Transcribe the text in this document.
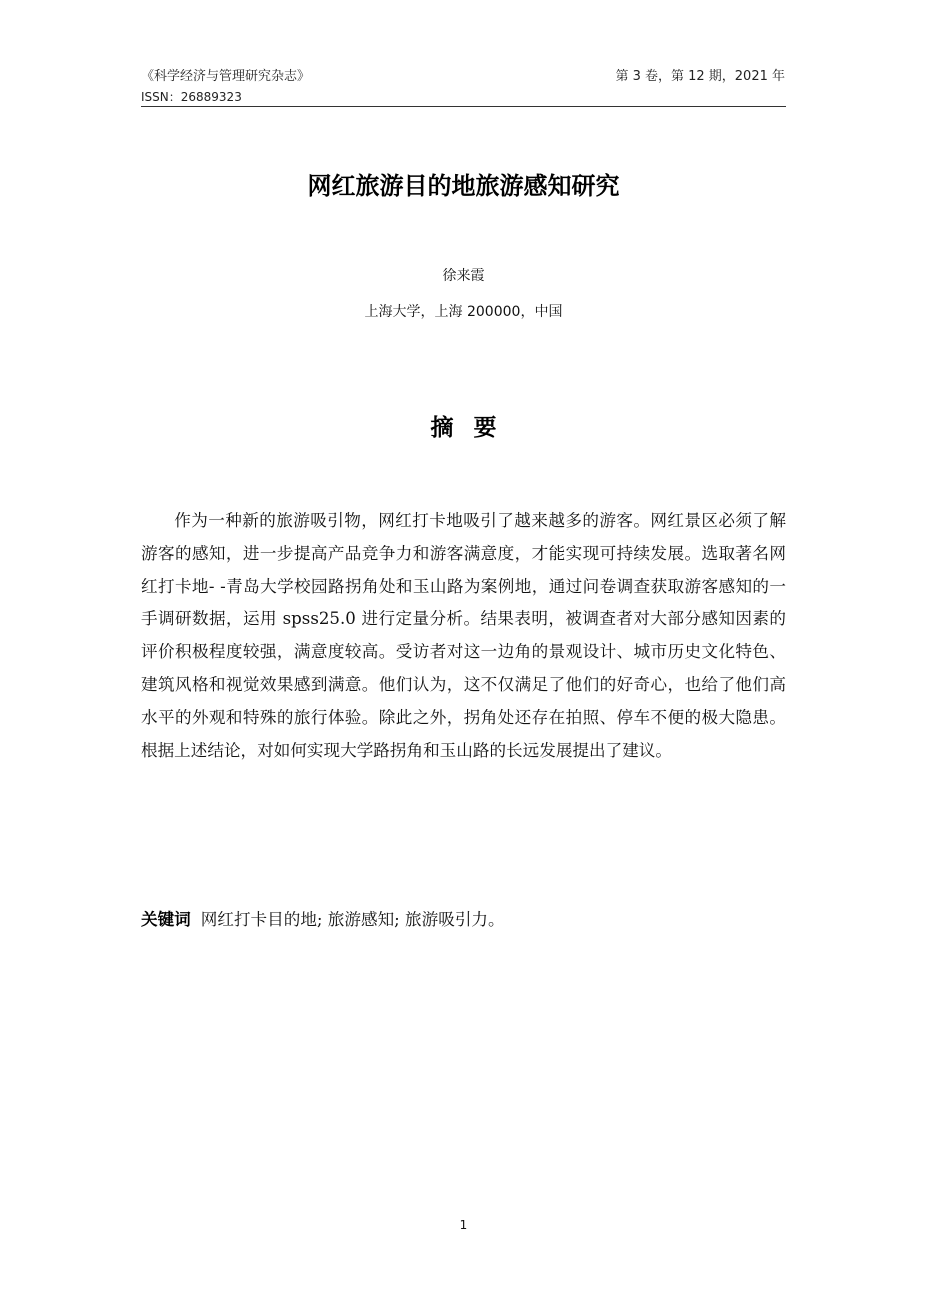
《科学经济与管理研究杂志》	第 3 卷，第 12 期，2021 年
ISSN：26889323
网红旅游目的地旅游感知研究
徐来霞
上海大学，上海 200000，中国
摘要
作为一种新的旅游吸引物，网红打卡地吸引了越来越多的游客。网红景区必须了解游客的感知，进一步提高产品竞争力和游客满意度，才能实现可持续发展。选取著名网红打卡地- -青岛大学校园路拐角处和玉山路为案例地，通过问卷调查获取游客感知的一手调研数据，运用 spss25.0 进行定量分析。结果表明，被调查者对大部分感知因素的评价积极程度较强，满意度较高。受访者对这一边角的景观设计、城市历史文化特色、建筑风格和视觉效果感到满意。他们认为，这不仅满足了他们的好奇心，也给了他们高水平的外观和特殊的旅行体验。除此之外，拐角处还存在拍照、停车不便的极大隐患。根据上述结论，对如何实现大学路拐角和玉山路的长远发展提出了建议。
关键词 网红打卡目的地; 旅游感知; 旅游吸引力。
1
